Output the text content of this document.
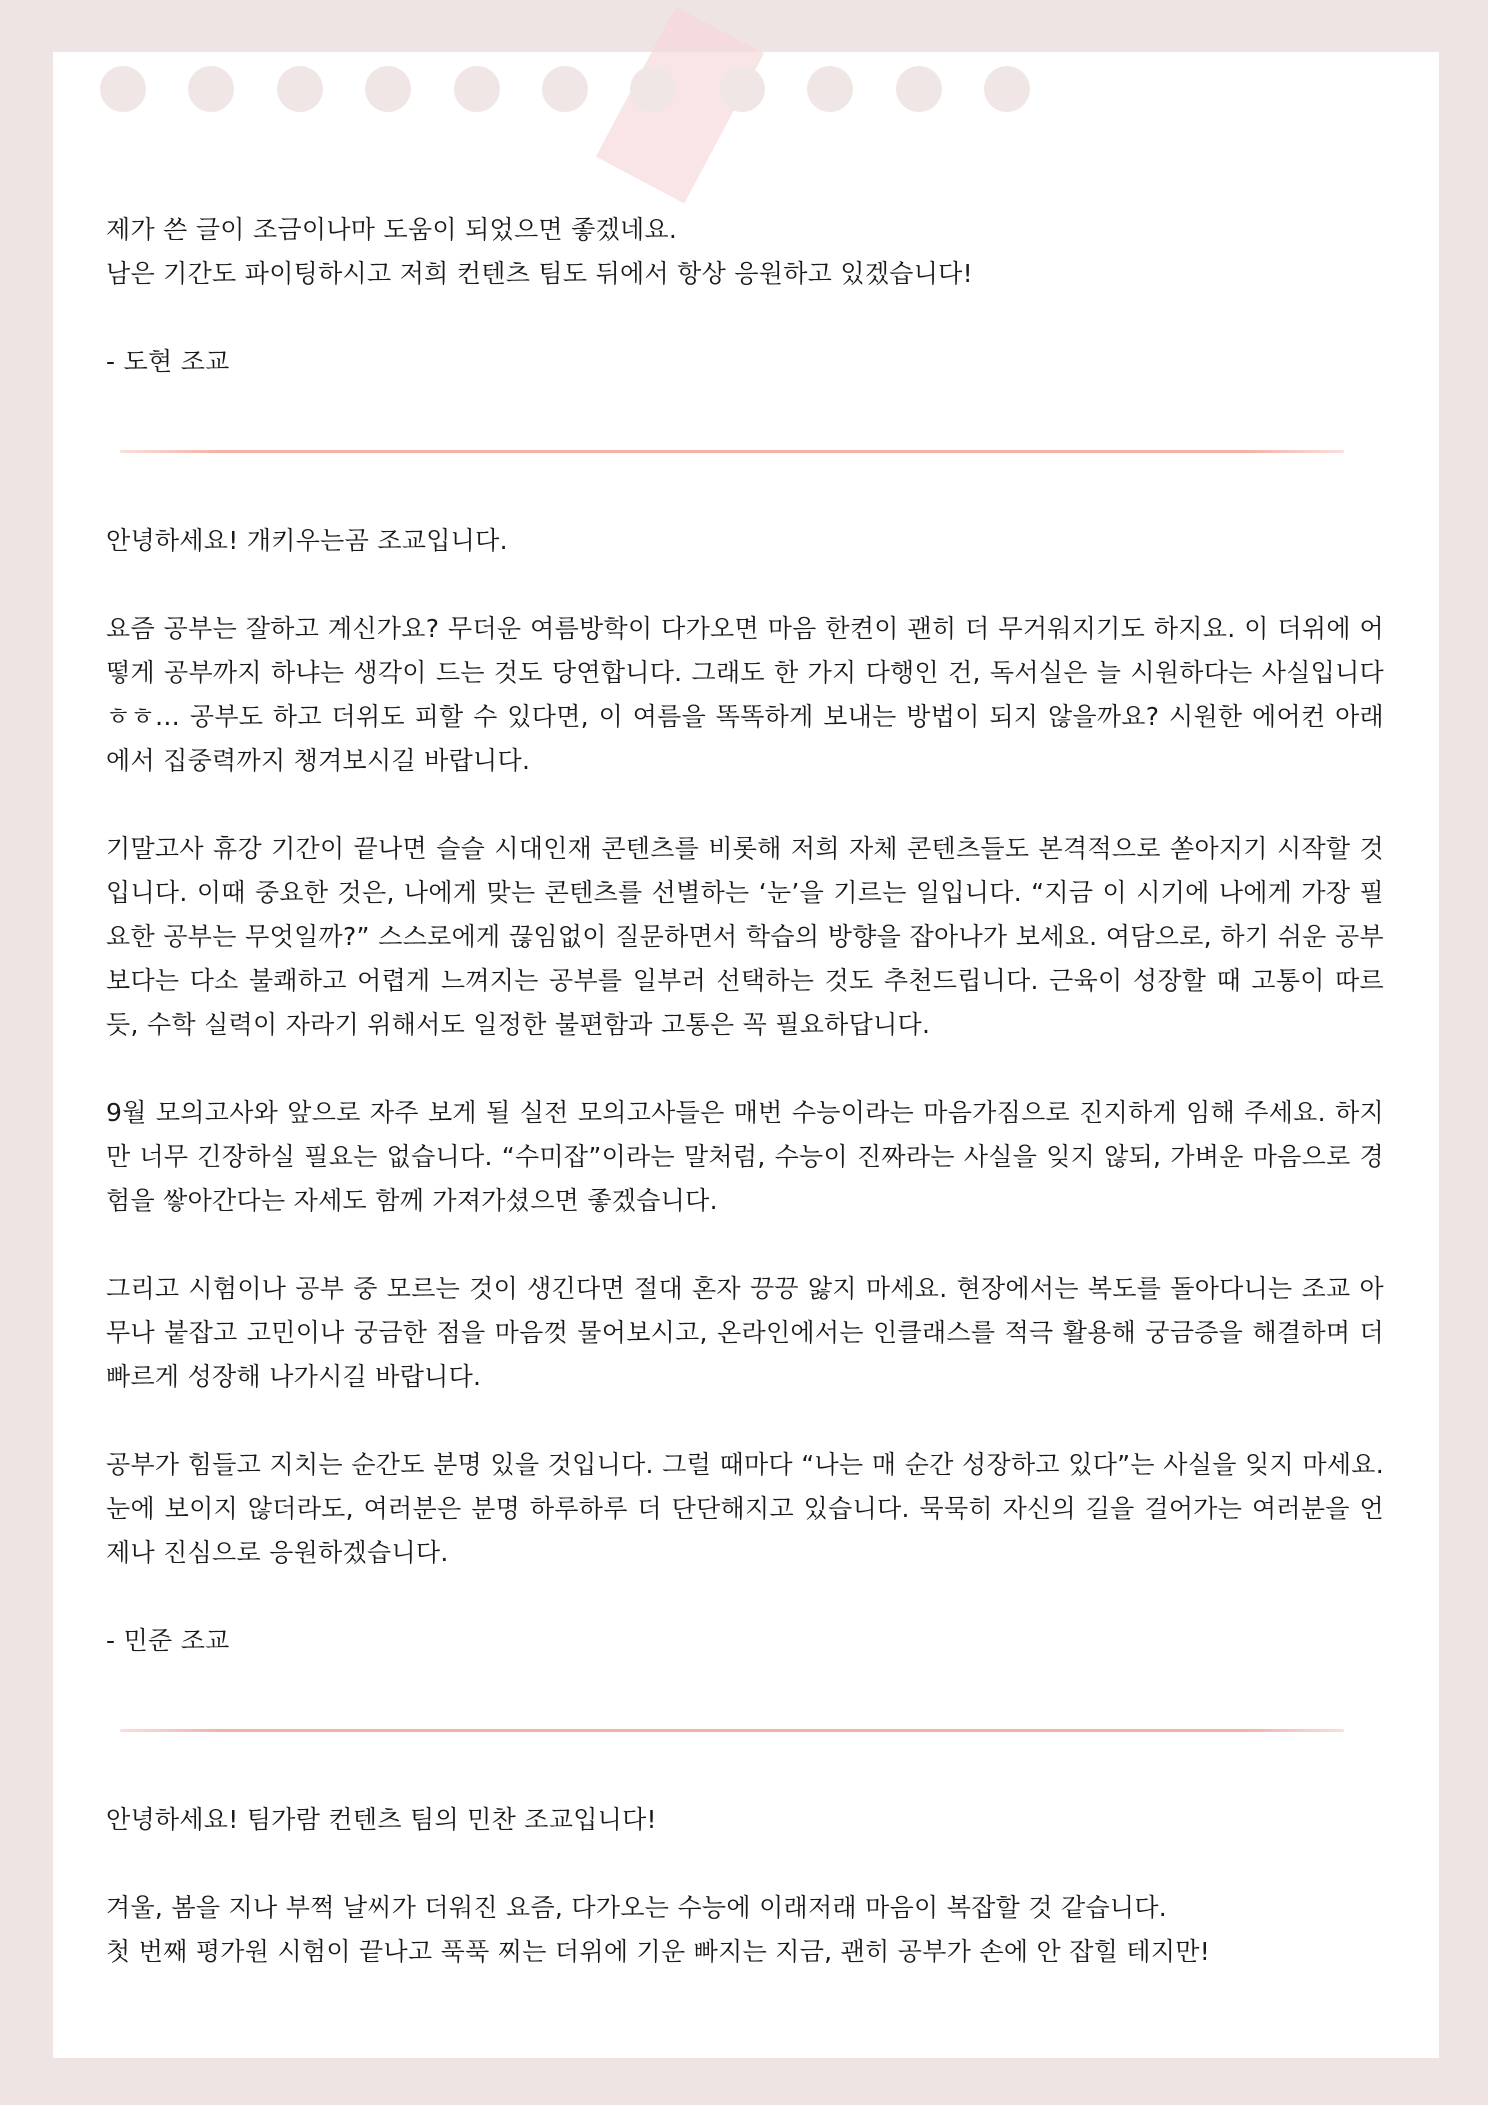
제가 쓴 글이 조금이나마 도움이 되었으면 좋겠네요.
남은 기간도 파이팅하시고 저희 컨텐츠 팀도 뒤에서 항상 응원하고 있겠습니다!

- 도현 조교

안녕하세요! 개키우는곰 조교입니다.

요즘 공부는 잘하고 계신가요? 무더운 여름방학이 다가오면 마음 한켠이 괜히 더 무거워지기도 하지요. 이 더위에 어떻게 공부까지 하냐는 생각이 드는 것도 당연합니다. 그래도 한 가지 다행인 건, 독서실은 늘 시원하다는 사실입니다 ㅎㅎ… 공부도 하고 더위도 피할 수 있다면, 이 여름을 똑똑하게 보내는 방법이 되지 않을까요? 시원한 에어컨 아래에서 집중력까지 챙겨보시길 바랍니다.

기말고사 휴강 기간이 끝나면 슬슬 시대인재 콘텐츠를 비롯해 저희 자체 콘텐츠들도 본격적으로 쏟아지기 시작할 것입니다. 이때 중요한 것은, 나에게 맞는 콘텐츠를 선별하는 ‘눈’을 기르는 일입니다. “지금 이 시기에 나에게 가장 필요한 공부는 무엇일까?” 스스로에게 끊임없이 질문하면서 학습의 방향을 잡아나가 보세요. 여담으로, 하기 쉬운 공부보다는 다소 불쾌하고 어렵게 느껴지는 공부를 일부러 선택하는 것도 추천드립니다. 근육이 성장할 때 고통이 따르듯, 수학 실력이 자라기 위해서도 일정한 불편함과 고통은 꼭 필요하답니다.

9월 모의고사와 앞으로 자주 보게 될 실전 모의고사들은 매번 수능이라는 마음가짐으로 진지하게 임해 주세요. 하지만 너무 긴장하실 필요는 없습니다. “수미잡”이라는 말처럼, 수능이 진짜라는 사실을 잊지 않되, 가벼운 마음으로 경험을 쌓아간다는 자세도 함께 가져가셨으면 좋겠습니다.

그리고 시험이나 공부 중 모르는 것이 생긴다면 절대 혼자 끙끙 앓지 마세요. 현장에서는 복도를 돌아다니는 조교 아무나 붙잡고 고민이나 궁금한 점을 마음껏 물어보시고, 온라인에서는 인클래스를 적극 활용해 궁금증을 해결하며 더 빠르게 성장해 나가시길 바랍니다.

공부가 힘들고 지치는 순간도 분명 있을 것입니다. 그럴 때마다 “나는 매 순간 성장하고 있다”는 사실을 잊지 마세요. 눈에 보이지 않더라도, 여러분은 분명 하루하루 더 단단해지고 있습니다. 묵묵히 자신의 길을 걸어가는 여러분을 언제나 진심으로 응원하겠습니다.

- 민준 조교

안녕하세요! 팀가람 컨텐츠 팀의 민찬 조교입니다!

겨울, 봄을 지나 부쩍 날씨가 더워진 요즘, 다가오는 수능에 이래저래 마음이 복잡할 것 같습니다.
첫 번째 평가원 시험이 끝나고 푹푹 찌는 더위에 기운 빠지는 지금, 괜히 공부가 손에 안 잡힐 테지만!
